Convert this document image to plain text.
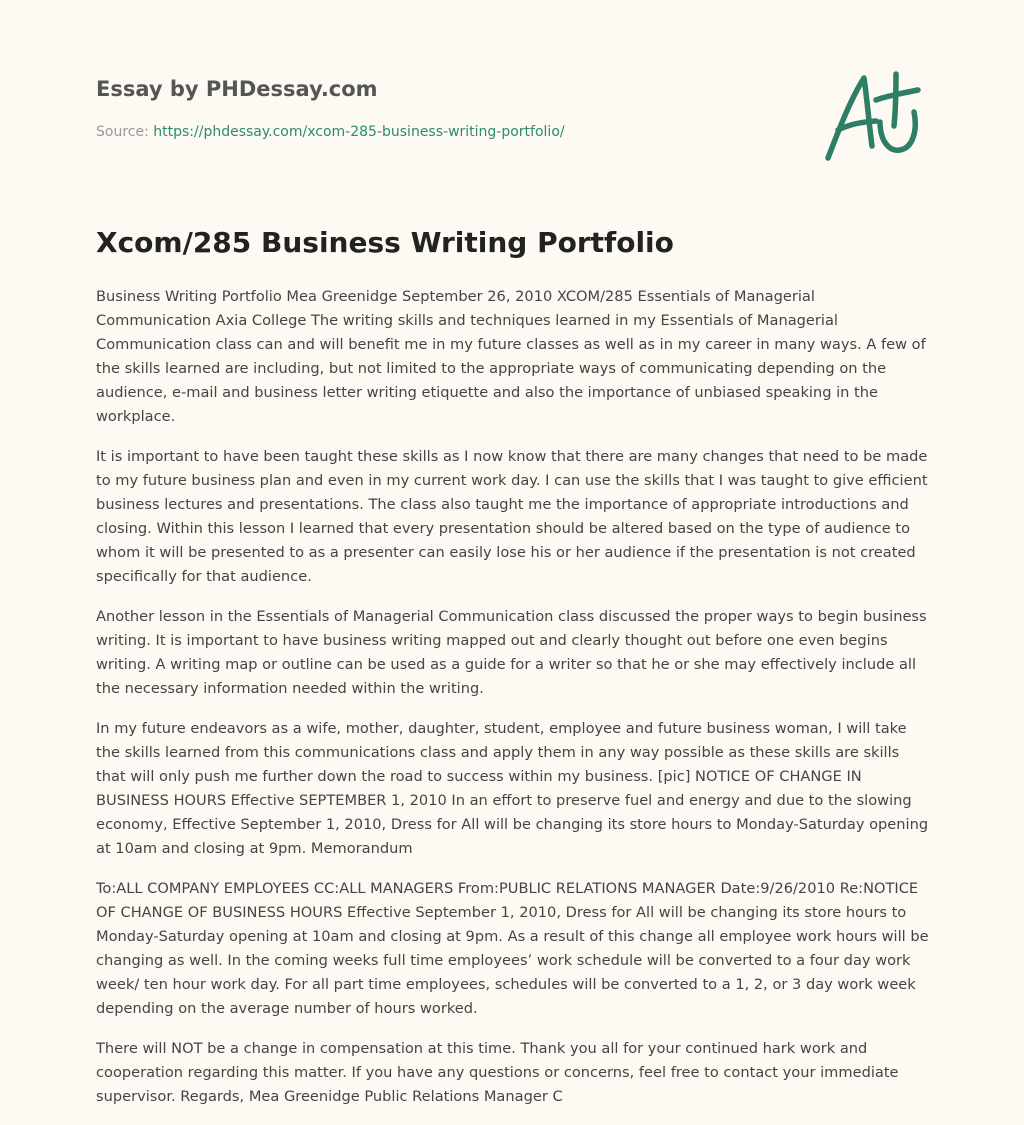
Essay by PHDessay.com
Source: https://phdessay.com/xcom-285-business-writing-portfolio/
Xcom/285 Business Writing Portfolio

Business Writing Portfolio Mea Greenidge September 26, 2010 XCOM/285 Essentials of Managerial Communication Axia College The writing skills and techniques learned in my Essentials of Managerial Communication class can and will benefit me in my future classes as well as in my career in many ways. A few of the skills learned are including, but not limited to the appropriate ways of communicating depending on the audience, e-mail and business letter writing etiquette and also the importance of unbiased speaking in the workplace.

It is important to have been taught these skills as I now know that there are many changes that need to be made to my future business plan and even in my current work day. I can use the skills that I was taught to give efficient business lectures and presentations. The class also taught me the importance of appropriate introductions and closing. Within this lesson I learned that every presentation should be altered based on the type of audience to whom it will be presented to as a presenter can easily lose his or her audience if the presentation is not created specifically for that audience.

Another lesson in the Essentials of Managerial Communication class discussed the proper ways to begin business writing. It is important to have business writing mapped out and clearly thought out before one even begins writing. A writing map or outline can be used as a guide for a writer so that he or she may effectively include all the necessary information needed within the writing.

In my future endeavors as a wife, mother, daughter, student, employee and future business woman, I will take the skills learned from this communications class and apply them in any way possible as these skills are skills that will only push me further down the road to success within my business. [pic] NOTICE OF CHANGE IN BUSINESS HOURS Effective SEPTEMBER 1, 2010 In an effort to preserve fuel and energy and due to the slowing economy, Effective September 1, 2010, Dress for All will be changing its store hours to Monday-Saturday opening at 10am and closing at 9pm. Memorandum

To:ALL COMPANY EMPLOYEES CC:ALL MANAGERS From:PUBLIC RELATIONS MANAGER Date:9/26/2010 Re:NOTICE OF CHANGE OF BUSINESS HOURS Effective September 1, 2010, Dress for All will be changing its store hours to Monday-Saturday opening at 10am and closing at 9pm. As a result of this change all employee work hours will be changing as well. In the coming weeks full time employees’ work schedule will be converted to a four day work week/ ten hour work day. For all part time employees, schedules will be converted to a 1, 2, or 3 day work week depending on the average number of hours worked.

There will NOT be a change in compensation at this time. Thank you all for your continued hark work and cooperation regarding this matter. If you have any questions or concerns, feel free to contact your immediate supervisor. Regards, Mea Greenidge Public Relations Manager C
